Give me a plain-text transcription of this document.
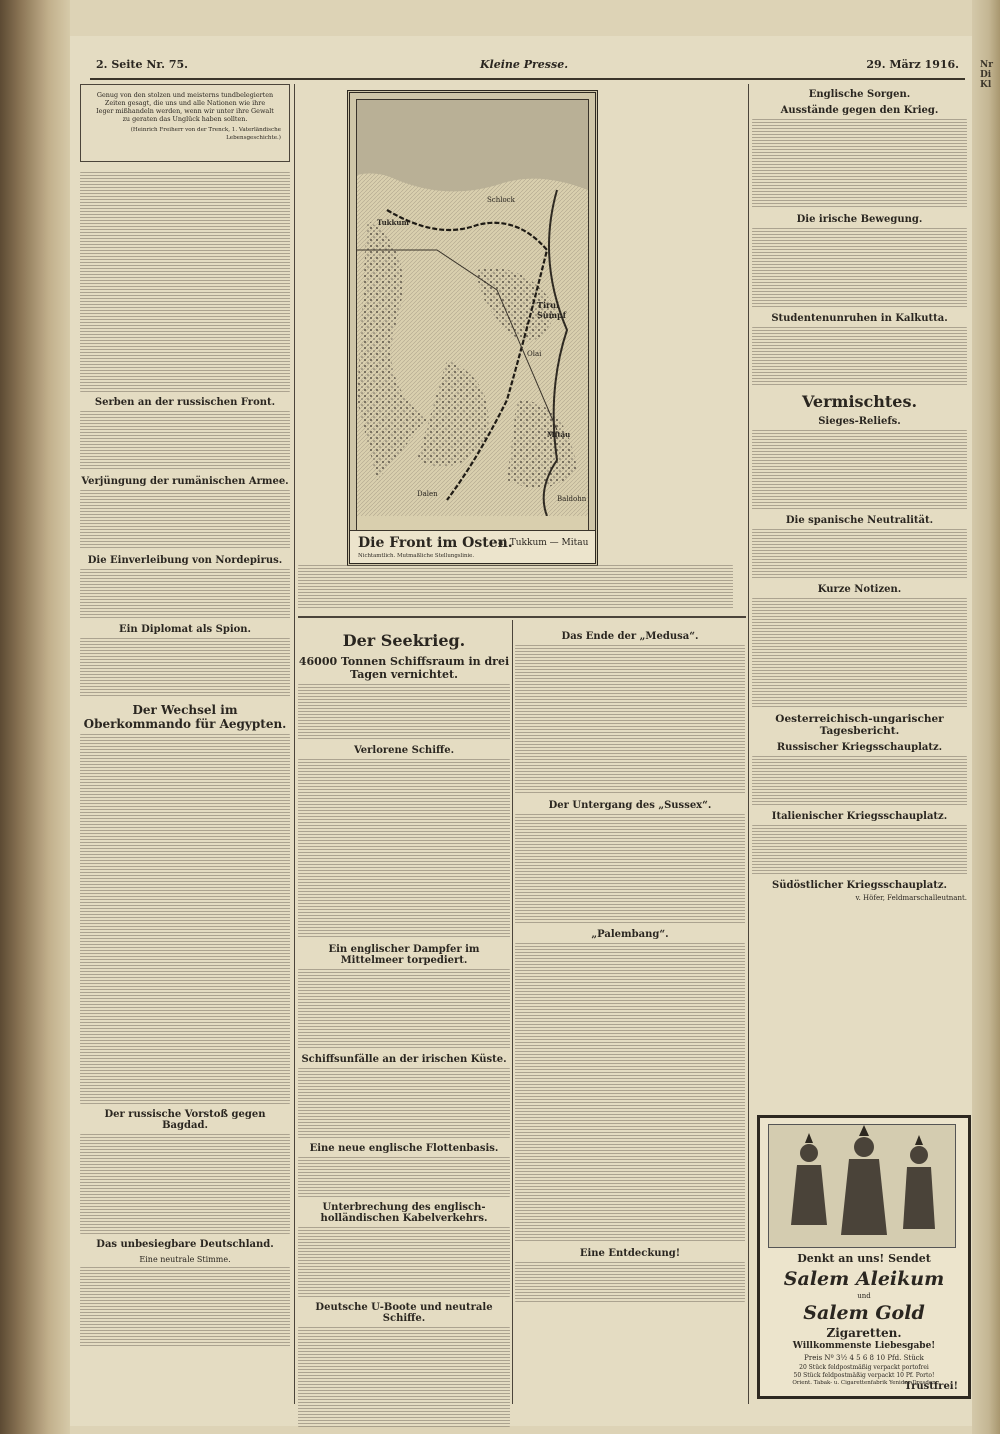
Nr
Di
Kl
2. Seite Nr. 75.	Kleine Presse.	29. März 1916.

Genug von den stolzen und meisterns tundbelegierten

Zeiten gesagt, die uns und alle Nationen wie ihre

Ieger mißhandeln werden, wenn wir unter ihre Gewalt

zu geraten das Unglück haben sollten.

(Heinrich Freiherr von der Trenck, 1. Vaterländische Lebensgeschichte.)

Serben an der russischen Front.
Verjüngung der rumänischen Armee.
Die Einverleibung von Nordepirus.
Ein Diplomat als Spion.
Der Wechsel im Oberkommando für Aegypten.
Der russische Vorstoß gegen Bagdad.
Das unbesiegbare Deutschland.
Eine neutrale Stimme.
Tukkum
Mitau
Olai
Schlock
Tirul Sumpf
Dalen
Baldohn
Die Front im Osten.
a) Tukkum — Mitau
Nichtamtlich. Mutmaßliche Stellungslinie.
Der Seekrieg.
46000 Tonnen Schiffsraum in drei Tagen vernichtet.
Verlorene Schiffe.
Ein englischer Dampfer im Mittelmeer torpediert.
Schiffsunfälle an der irischen Küste.
Eine neue englische Flottenbasis.
Unterbrechung des englisch-holländischen Kabelverkehrs.
Deutsche U-Boote und neutrale Schiffe.
Das Ende der „Medusa“.
Der Untergang des „Sussex“.
„Palembang“.
Eine Entdeckung!
Englische Sorgen.
Ausstände gegen den Krieg.
Die irische Bewegung.
Studentenunruhen in Kalkutta.
Vermischtes.
Sieges-Reliefs.
Die spanische Neutralität.
Kurze Notizen.
Oesterreichisch-ungarischer Tagesbericht.
Russischer Kriegsschauplatz.
Italienischer Kriegsschauplatz.
Südöstlicher Kriegsschauplatz.
v. Höfer, Feldmarschalleutnant.
Denkt an uns! Sendet
Salem Aleikum
und
Salem Gold
Zigaretten.
Willkommenste Liebesgabe!
Preis Nº 3½ 4 5 6 8 10 Pfd. Stück
20 Stück feldpostmäßig verpackt portofrei
50 Stück feldpostmäßig verpackt 10 Pf. Porto!
Orient. Tabak- u. Cigarettenfabrik Yenidze Dresden
Trustfrei!
